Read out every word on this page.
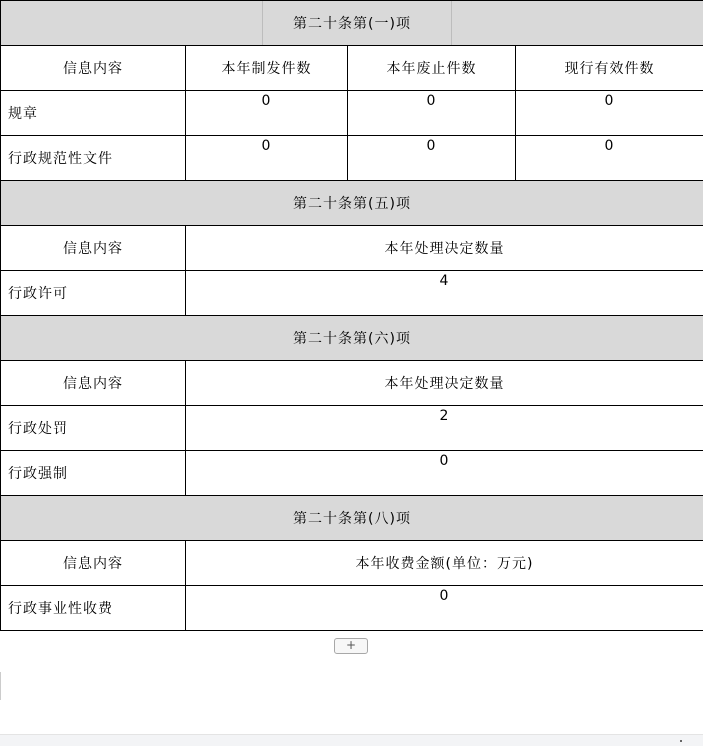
第二十条第(一)项			
信息内容	本年制发件数	本年废止件数	现行有效件数
规章	0	0	0
行政规范性文件	0	0	0
第二十条第(五)项			
信息内容	本年处理决定数量		
行政许可	4		
第二十条第(六)项			
信息内容	本年处理决定数量		
行政处罚	2		
行政强制	0		
第二十条第(八)项			
信息内容	本年收费金额(单位：万元)		
行政事业性收费	0		
+
